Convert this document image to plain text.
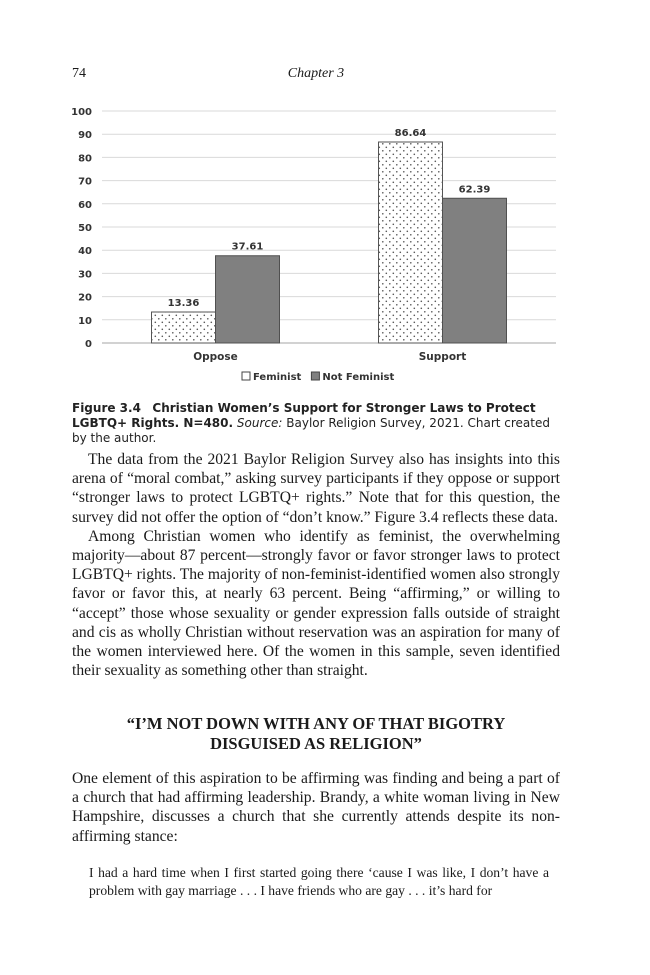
74	Chapter 3
0
10
20
30
40
50
60
70
80
90
100
13.36
37.61
86.64
62.39
Oppose	Support
Feminist Not Feminist
Figure 3.4 Christian Women’s Support for Stronger Laws to Protect LGBTQ+ Rights. N=480. Source: Baylor Religion Survey, 2021. Chart created by the author.

The data from the 2021 Baylor Religion Survey also has insights into this arena of “moral combat,” asking survey participants if they oppose or support “stronger laws to protect LGBTQ+ rights.” Note that for this question, the survey did not offer the option of “don’t know.” Figure 3.4 reflects these data.

Among Christian women who identify as feminist, the overwhelming majority—about 87 percent—strongly favor or favor stronger laws to protect LGBTQ+ rights. The majority of non-feminist-identified women also strongly favor or favor this, at nearly 63 percent. Being “affirming,” or willing to “accept” those whose sexuality or gender expression falls outside of straight and cis as wholly Christian without reservation was an aspiration for many of the women interviewed here. Of the women in this sample, seven identified their sexuality as something other than straight.

“I’M NOT DOWN WITH ANY OF THAT BIGOTRY
DISGUISED AS RELIGION”

One element of this aspiration to be affirming was finding and being a part of a church that had affirming leadership. Brandy, a white woman living in New Hampshire, discusses a church that she currently attends despite its non-affirming stance:

I had a hard time when I first started going there ‘cause I was like, I don’t have a problem with gay marriage . . . I have friends who are gay . . . it’s hard for
